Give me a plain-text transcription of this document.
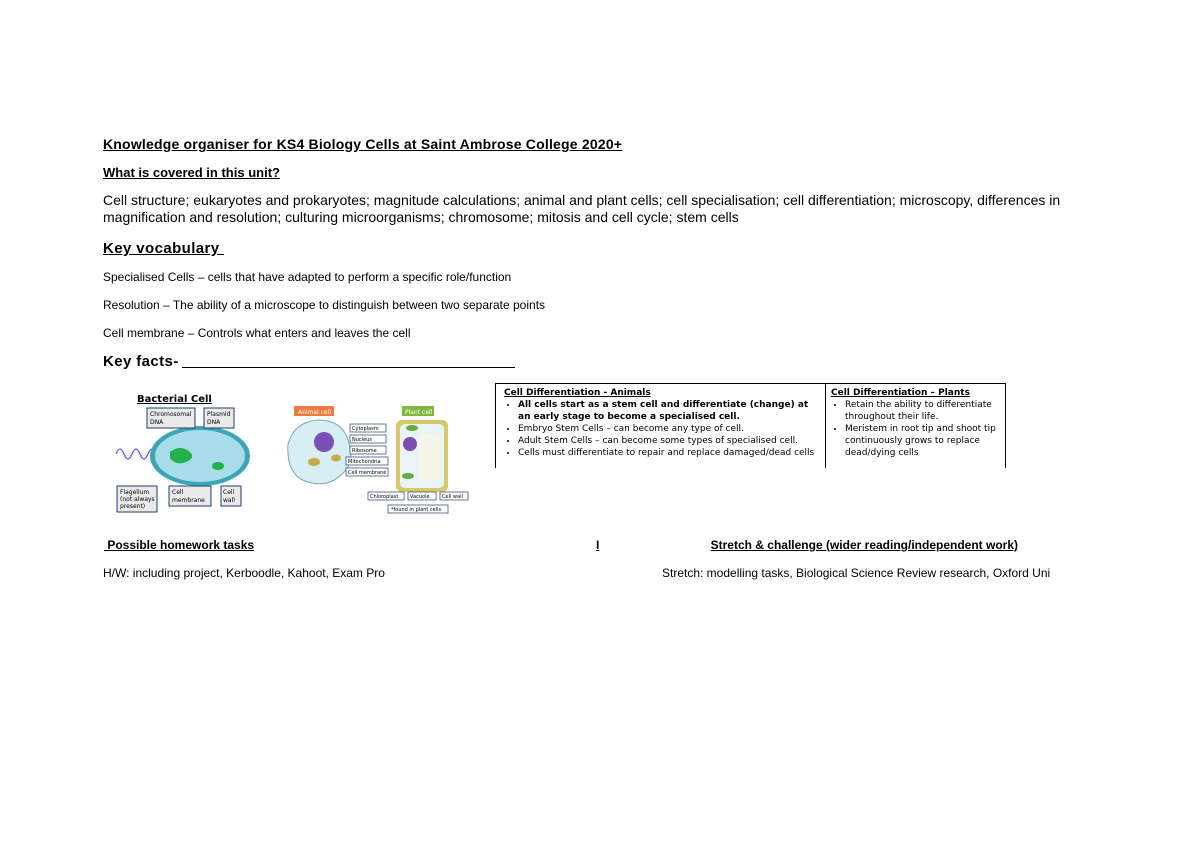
Knowledge organiser for KS4 Biology Cells at Saint Ambrose College 2020+
What is covered in this unit?
Cell structure; eukaryotes and prokaryotes; magnitude calculations; animal and plant cells; cell specialisation; cell differentiation; microscopy, differences in magnification and resolution; culturing microorganisms; chromosome; mitosis and cell cycle; stem cells
Key vocabulary
Specialised Cells – cells that have adapted to perform a specific role/function
Resolution – The ability of a microscope to distinguish between two separate points
Cell membrane – Controls what enters and leaves the cell
Key facts-
Bacterial Cell
Chromosomal
DNA
Plasmid
DNA
Flagellum
(not always
present)
Cell
membrane
Cell
wall
Animal cell	Plant cell
Cytoplasm
Nucleus
Ribosome
Mitochondria
Cell membrane
Chloroplast Vacuole Cell wall
*found in plant cells
Cell Differentiation - Animals
• All cells start as a stem cell and differentiate (change) at an early stage to become a specialised cell.
• Embryo Stem Cells – can become any type of cell.
• Adult Stem Cells – can become some types of specialised cell.
• Cells must differentiate to repair and replace damaged/dead cells
Cell Differentiation – Plants
• Retain the ability to differentiate throughout their life.
• Meristem in root tip and shoot tip continuously grows to replace dead/dying cells
Possible homework tasks	I	Stretch & challenge (wider reading/independent work)
H/W: including project, Kerboodle, Kahoot, Exam Pro	Stretch: modelling tasks, Biological Science Review research, Oxford Uni
